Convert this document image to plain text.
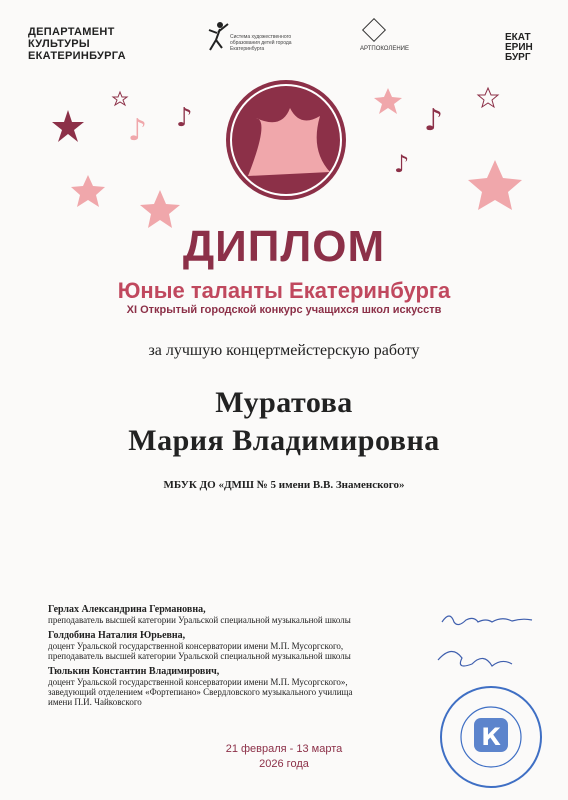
ДЕПАРТАМЕНТ
КУЛЬТУРЫ
ЕКАТЕРИНБУРГА
Система художественного образования детей города Екатеринбурга	АРТПОКОЛЕНИЕ
ЕКАТ
ЕРИН
БУРГ
♪ ♪	♪
♪
ДИПЛОМ
Юные таланты Екатеринбурга
XI Открытый городской конкурс учащихся школ искусств
за лучшую концертмейстерскую работу
Муратова
Мария Владимировна
МБУК ДО «ДМШ № 5 имени В.В. Знаменского»
Герлах Александрина Германовна,
преподаватель высшей категории Уральской специальной музыкальной школы
Голдобина Наталия Юрьевна,
доцент Уральской государственной консерватории имени М.П. Мусоргского,
преподаватель высшей категории Уральской специальной музыкальной школы
Тюлькин Константин Владимирович,
доцент Уральской государственной консерватории имени М.П. Мусоргского»,
заведующий отделением «Фортепиано» Свердловского музыкального училища
имени П.И. Чайковского
К
21 февраля - 13 марта
2026 года
